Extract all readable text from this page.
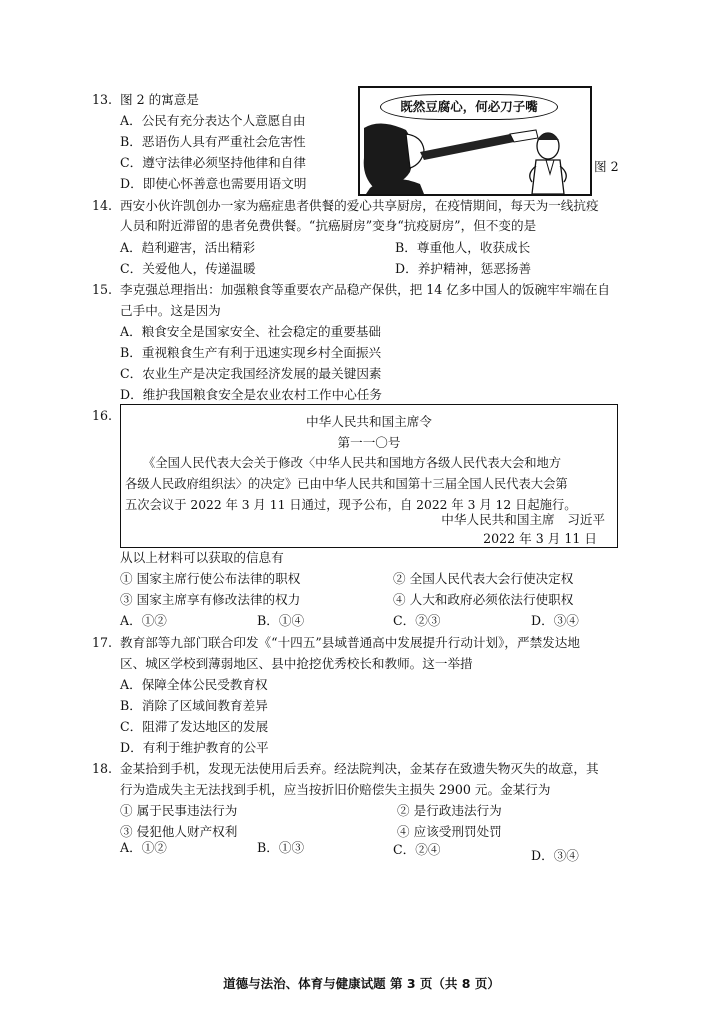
13. 图 2 的寓意是
A．公民有充分表达个人意愿自由
B．恶语伤人具有严重社会危害性
C．遵守法律必须坚持他律和自律
D．即使心怀善意也需要用语文明
既然豆腐心，何必刀子嘴
图 2
14. 西安小伙许凯创办一家为癌症患者供餐的爱心共享厨房，在疫情期间，每天为一线抗疫
人员和附近滞留的患者免费供餐。“抗癌厨房”变身“抗疫厨房”，但不变的是
A．趋利避害，活出精彩	B．尊重他人，收获成长
C．关爱他人，传递温暖	D．养护精神，惩恶扬善
15. 李克强总理指出：加强粮食等重要农产品稳产保供，把 14 亿多中国人的饭碗牢牢端在自
己手中。这是因为
A．粮食安全是国家安全、社会稳定的重要基础
B．重视粮食生产有利于迅速实现乡村全面振兴
C．农业生产是决定我国经济发展的最关键因素
D．维护我国粮食安全是农业农村工作中心任务
16.	中华人民共和国主席令
第一一〇号
《全国人民代表大会关于修改〈中华人民共和国地方各级人民代表大会和地方
各级人民政府组织法〉的决定》已由中华人民共和国第十三届全国人民代表大会第
五次会议于 2022 年 3 月 11 日通过，现予公布，自 2022 年 3 月 12 日起施行。
中华人民共和国主席　习近平
2022 年 3 月 11 日
从以上材料可以获取的信息有
① 国家主席行使公布法律的职权	② 全国人民代表大会行使决定权
③ 国家主席享有修改法律的权力	④ 人大和政府必须依法行使职权
A．①②	B．①④	C．②③	D．③④
17. 教育部等九部门联合印发《“十四五”县域普通高中发展提升行动计划》，严禁发达地
区、城区学校到薄弱地区、县中抢挖优秀校长和教师。这一举措
A．保障全体公民受教育权
B．消除了区域间教育差异
C．阻滞了发达地区的发展
D．有利于维护教育的公平
18. 金某拾到手机，发现无法使用后丢弃。经法院判决，金某存在致遗失物灭失的故意，其
行为造成失主无法找到手机，应当按折旧价赔偿失主损失 2900 元。金某行为
① 属于民事违法行为	② 是行政违法行为
③ 侵犯他人财产权利	④ 应该受刑罚处罚
A．①②	B．①③	C．②④	D．③④
道德与法治、体育与健康试题 第 3 页（共 8 页）
